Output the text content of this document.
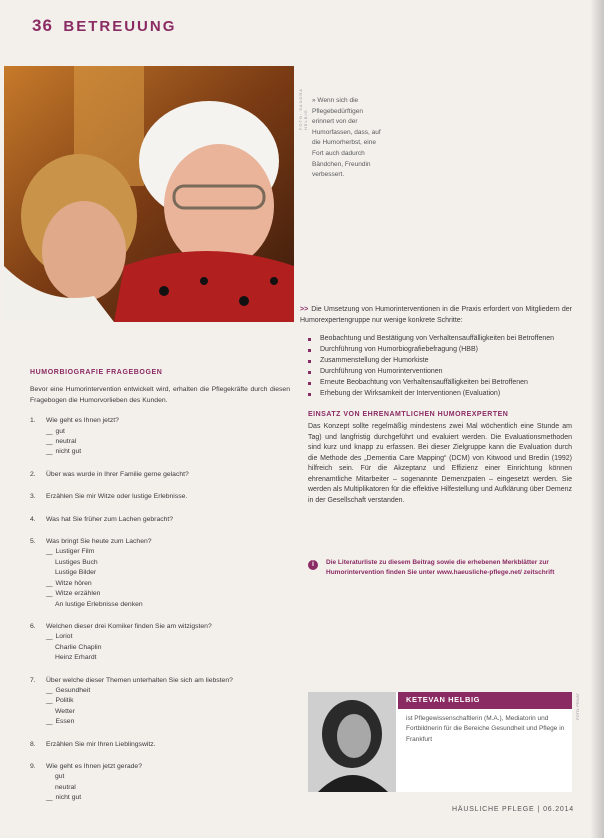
36 BETREUUNG
FOTO: SANDRA HELBIG
» Wenn sich die Pflegebedürftigen erinnert von der Humorfassen, dass, auf die Humorherbst, eine Fort auch dadurch Bändchen, Freundin verbessert.

>> Die Umsetzung von Humorinterventionen in die Praxis erfordert von Mitgliedern der Humorexpertengruppe nur wenige konkrete Schritte:

Beobachtung und Bestätigung von Verhaltensauffälligkeiten bei Betroffenen
Durchführung von Humorbiografiebefragung (HBB)
Zusammenstellung der Humorkiste
Durchführung von Humorinterventionen
Erneute Beobachtung von Verhaltensauffälligkeiten bei Betroffenen
Erhebung der Wirksamkeit der Interventionen (Evaluation)
EINSATZ VON EHRENAMTLICHEN HUMOREXPERTEN

Das Konzept sollte regelmäßig mindestens zwei Mal wöchentlich eine Stunde am Tag) und langfristig durchgeführt und evaluiert werden. Die Evaluationsmethoden sind kurz und knapp zu erfassen. Bei dieser Zielgruppe kann die Evaluation durch die Methode des „Dementia Care Mapping“ (DCM) von Kitwood und Bredin (1992) hilfreich sein. Für die Akzeptanz und Effizienz einer Einrichtung können ehrenamtliche Mitarbeiter – sogenannte Demenzpaten – eingesetzt werden. Sie werden als Multiplikatoren für die effektive Hilfestellung und Aufklärung über Demenz in der Gesellschaft verstanden.

i	Die Literaturliste zu diesem Beitrag sowie die erhebenen Merkblätter zur Humorintervention finden Sie unter www.haeusliche-pflege.net/ zeitschrift

HUMORBIOGRAFIE FRAGEBOGEN

Bevor eine Humorintervention entwickelt wird, erhalten die Pflegekräfte durch diesen Fragebogen die Humorvorlieben des Kunden.

1.	Wie geht es Ihnen jetzt?
__ gut
__ neutral
__ nicht gut
2.	Über was wurde in Ihrer Familie gerne gelacht?
3.	Erzählen Sie mir Witze oder lustige Erlebnisse.
4.	Was hat Sie früher zum Lachen gebracht?
5.	Was bringt Sie heute zum Lachen?
__ Lustiger Film
Lustiges Buch
Lustige Bilder
__ Witze hören
__ Witze erzählen
An lustige Erlebnisse denken
6.	Welchen dieser drei Komiker finden Sie am witzigsten?
__ Loriot
Charlie Chaplin
Heinz Erhardt
7.	Über welche dieser Themen unterhalten Sie sich am liebsten?
__ Gesundheit
__ Politik
Wetter
__ Essen
8.	Erzählen Sie mir Ihren Lieblingswitz.
9.	Wie geht es Ihnen jetzt gerade?
gut
neutral
__ nicht gut
KETEVAN HELBIG
ist Pflegewissenschaftlerin (M.A.), Mediatorin und Fortbildnerin für die Bereiche Gesundheit und Pflege in Frankfurt
FOTO: PRIVAT
HÄUSLICHE PFLEGE | 06.2014
